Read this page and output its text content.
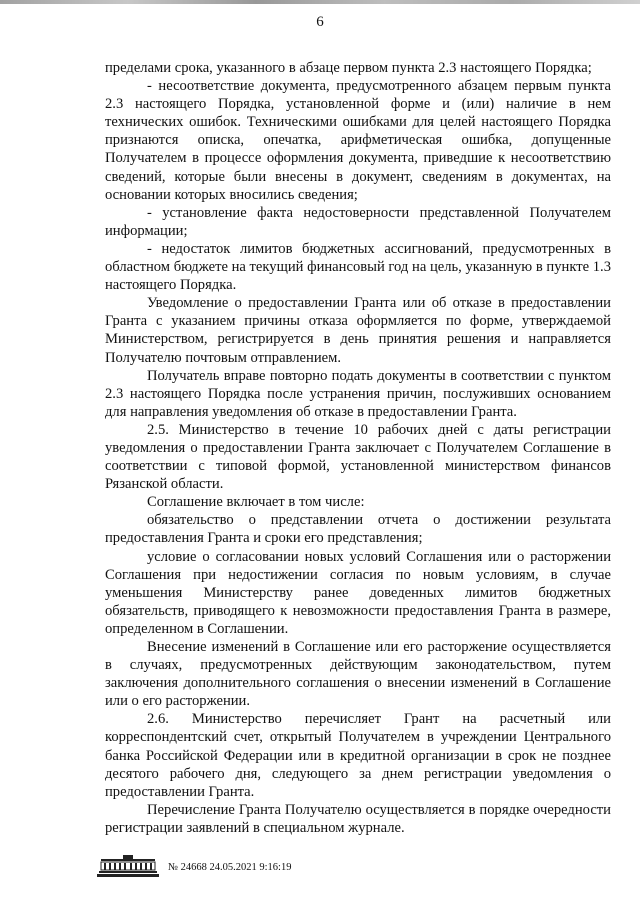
6

пределами срока, указанного в абзаце первом пункта 2.3 настоящего Порядка;

- несоответствие документа, предусмотренного абзацем первым пункта 2.3 настоящего Порядка, установленной форме и (или) наличие в нем технических ошибок. Техническими ошибками для целей настоящего Порядка признаются описка, опечатка, арифметическая ошибка, допущенные Получателем в процессе оформления документа, приведшие к несоответствию сведений, которые были внесены в документ, сведениям в документах, на основании которых вносились сведения;

- установление факта недостоверности представленной Получателем информации;

- недостаток лимитов бюджетных ассигнований, предусмотренных в областном бюджете на текущий финансовый год на цель, указанную в пункте 1.3 настоящего Порядка.

Уведомление о предоставлении Гранта или об отказе в предоставлении Гранта с указанием причины отказа оформляется по форме, утверждаемой Министерством, регистрируется в день принятия решения и направляется Получателю почтовым отправлением.

Получатель вправе повторно подать документы в соответствии с пунктом 2.3 настоящего Порядка после устранения причин, послуживших основанием для направления уведомления об отказе в предоставлении Гранта.

2.5. Министерство в течение 10 рабочих дней с даты регистрации уведомления о предоставлении Гранта заключает с Получателем Соглашение в соответствии с типовой формой, установленной министерством финансов Рязанской области.

Соглашение включает в том числе:

обязательство о представлении отчета о достижении результата предоставления Гранта и сроки его представления;

условие о согласовании новых условий Соглашения или о расторжении Соглашения при недостижении согласия по новым условиям, в случае уменьшения Министерству ранее доведенных лимитов бюджетных обязательств, приводящего к невозможности предоставления Гранта в размере, определенном в Соглашении.

Внесение изменений в Соглашение или его расторжение осуществляется в случаях, предусмотренных действующим законодательством, путем заключения дополнительного соглашения о внесении изменений в Соглашение или о его расторжении.

2.6. Министерство перечисляет Грант на расчетный или корреспондентский счет, открытый Получателем в учреждении Центрального банка Российской Федерации или в кредитной организации в срок не позднее десятого рабочего дня, следующего за днем регистрации уведомления о предоставлении Гранта.

Перечисление Гранта Получателю осуществляется в порядке очередности регистрации заявлений в специальном журнале.

№ 24668 24.05.2021 9:16:19
